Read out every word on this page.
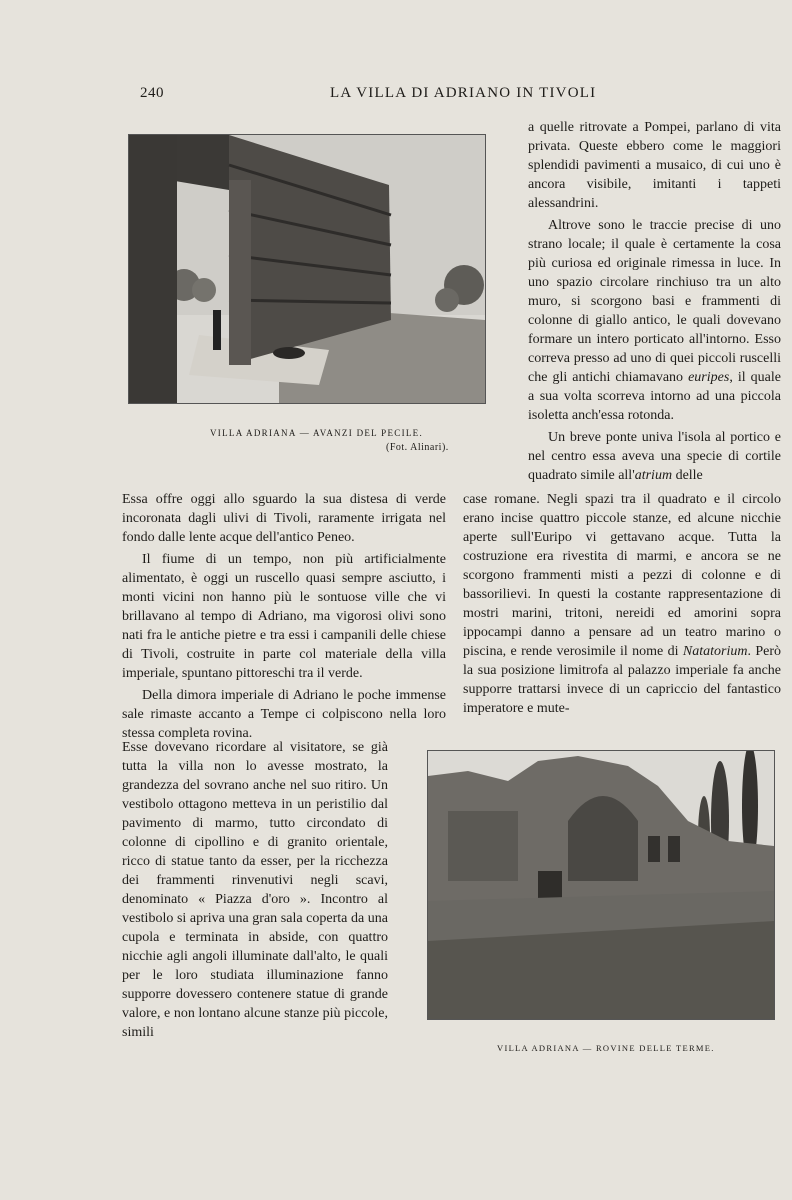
240	LA VILLA DI ADRIANO IN TIVOLI
VILLA ADRIANA — AVANZI DEL PECILE.
(Fot. Alinari).

a quelle ritrovate a Pompei, parlano di vita privata. Queste ebbero come le maggiori splendidi pavimenti a musaico, di cui uno è ancora visibile, imitanti i tappeti alessandrini.

Altrove sono le traccie precise di uno strano locale; il quale è certamente la cosa più curiosa ed originale rimessa in luce. In uno spazio circolare rinchiuso tra un alto muro, si scorgono basi e frammenti di colonne di giallo antico, le quali dovevano formare un intero porticato all'intorno. Esso correva presso ad uno di quei piccoli ruscelli che gli antichi chiamavano euripes, il quale a sua volta scorreva intorno ad una piccola isoletta anch'essa rotonda.

Un breve ponte univa l'isola al portico e nel centro essa aveva una specie di cortile quadrato simile all'atrium delle

Essa offre oggi allo sguardo la sua distesa di verde incoronata dagli ulivi di Tivoli, raramente irrigata nel fondo dalle lente acque dell'antico Peneo.

Il fiume di un tempo, non più artificialmente alimentato, è oggi un ruscello quasi sempre asciutto, i monti vicini non hanno più le sontuose ville che vi brillavano al tempo di Adriano, ma vigorosi olivi sono nati fra le antiche pietre e tra essi i campanili delle chiese di Tivoli, costruite in parte col materiale della villa imperiale, spuntano pittoreschi tra il verde.

Della dimora imperiale di Adriano le poche immense sale rimaste accanto a Tempe ci colpiscono nella loro stessa completa rovina.

case romane. Negli spazi tra il quadrato e il circolo erano incise quattro piccole stanze, ed alcune nicchie aperte sull'Euripo vi gettavano acque. Tutta la costruzione era rivestita di marmi, e ancora se ne scorgono frammenti misti a pezzi di colonne e di bassorilievi. In questi la costante rappresentazione di mostri marini, tritoni, nereidi ed amorini sopra ippocampi danno a pensare ad un teatro marino o piscina, e rende verosimile il nome di Natatorium. Però la sua posizione limitrofa al palazzo imperiale fa anche supporre trattarsi invece di un capriccio del fantastico imperatore e mute-

Esse dovevano ricordare al visitatore, se già tutta la villa non lo avesse mostrato, la grandezza del sovrano anche nel suo ritiro. Un vestibolo ottagono metteva in un peristilio dal pavimento di marmo, tutto circondato di colonne di cipollino e di granito orientale, ricco di statue tanto da esser, per la ricchezza dei frammenti rinvenutivi negli scavi, denominato « Piazza d'oro ». Incontro al vestibolo si apriva una gran sala coperta da una cupola e terminata in abside, con quattro nicchie agli angoli illuminate dall'alto, le quali per le loro studiata illuminazione fanno supporre dovessero contenere statue di grande valore, e non lontano alcune stanze più piccole, simili

VILLA ADRIANA — ROVINE DELLE TERME.
